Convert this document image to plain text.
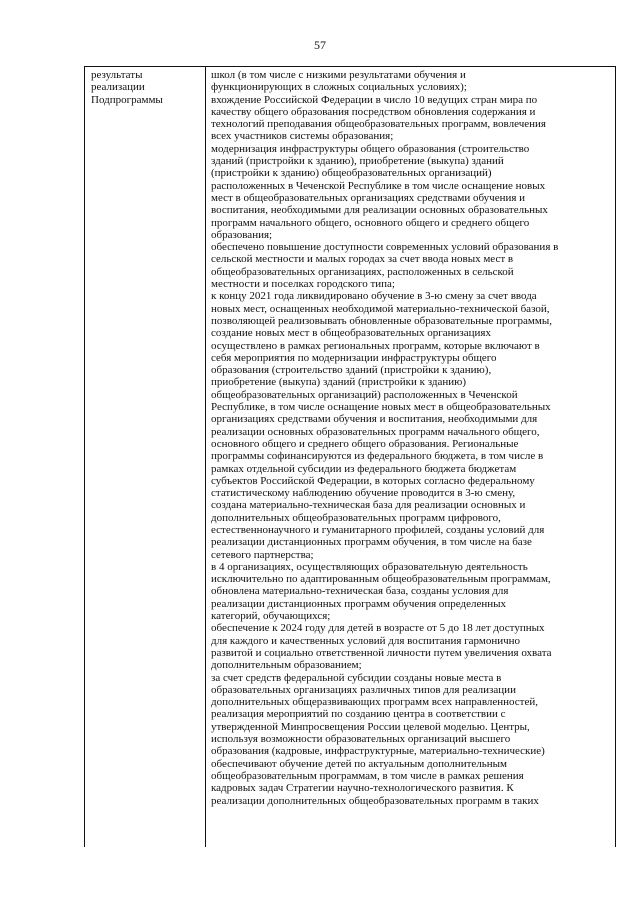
57
результаты
реализации
Подпрограммы
школ (в том числе с низкими результатами обучения и
функционирующих в сложных социальных условиях);
вхождение Российской Федерации в число 10 ведущих стран мира по
качеству общего образования посредством обновления содержания и
технологий преподавания общеобразовательных программ, вовлечения
всех участников системы образования;
модернизация инфраструктуры общего образования (строительство
зданий (пристройки к зданию), приобретение (выкупа) зданий
(пристройки к зданию) общеобразовательных организаций)
расположенных в Чеченской Республике в том числе оснащение новых
мест в общеобразовательных организациях средствами обучения и
воспитания, необходимыми для реализации основных образовательных
программ начального общего, основного общего и среднего общего
образования;
обеспечено повышение доступности современных условий образования в
сельской местности и малых городах за счет ввода новых мест в
общеобразовательных организациях, расположенных в сельской
местности и поселках городского типа;
к концу 2021 года ликвидировано обучение в 3-ю смену за счет ввода
новых мест, оснащенных необходимой материально-технической базой,
позволяющей реализовывать обновленные образовательные программы,
создание новых мест в общеобразовательных организациях
осуществлено в рамках региональных программ, которые включают в
себя мероприятия по модернизации инфраструктуры общего
образования (строительство зданий (пристройки к зданию),
приобретение (выкупа) зданий (пристройки к зданию)
общеобразовательных организаций) расположенных в Чеченской
Республике, в том числе оснащение новых мест в общеобразовательных
организациях средствами обучения и воспитания, необходимыми для
реализации основных образовательных программ начального общего,
основного общего и среднего общего образования. Региональные
программы софинансируются из федерального бюджета, в том числе в
рамках отдельной субсидии из федерального бюджета бюджетам
субъектов Российской Федерации, в которых согласно федеральному
статистическому наблюдению обучение проводится в 3-ю смену,
создана материально-техническая база для реализации основных и
дополнительных общеобразовательных программ цифрового,
естественнонаучного и гуманитарного профилей, созданы условий для
реализации дистанционных программ обучения, в том числе на базе
сетевого партнерства;
в 4 организациях, осуществляющих образовательную деятельность
исключительно по адаптированным общеобразовательным программам,
обновлена материально-техническая база, созданы условия для
реализации дистанционных программ обучения определенных
категорий, обучающихся;
обеспечение к 2024 году для детей в возрасте от 5 до 18 лет доступных
для каждого и качественных условий для воспитания гармонично
развитой и социально ответственной личности путем увеличения охвата
дополнительным образованием;
за счет средств федеральной субсидии созданы новые места в
образовательных организациях различных типов для реализации
дополнительных общеразвивающих программ всех направленностей,
реализация мероприятий по созданию центра в соответствии с
утвержденной Минпросвещения России целевой моделью. Центры,
используя возможности образовательных организаций высшего
образования (кадровые, инфраструктурные, материально-технические)
обеспечивают обучение детей по актуальным дополнительным
общеобразовательным программам, в том числе в рамках решения
кадровых задач Стратегии научно-технологического развития. К
реализации дополнительных общеобразовательных программ в таких
